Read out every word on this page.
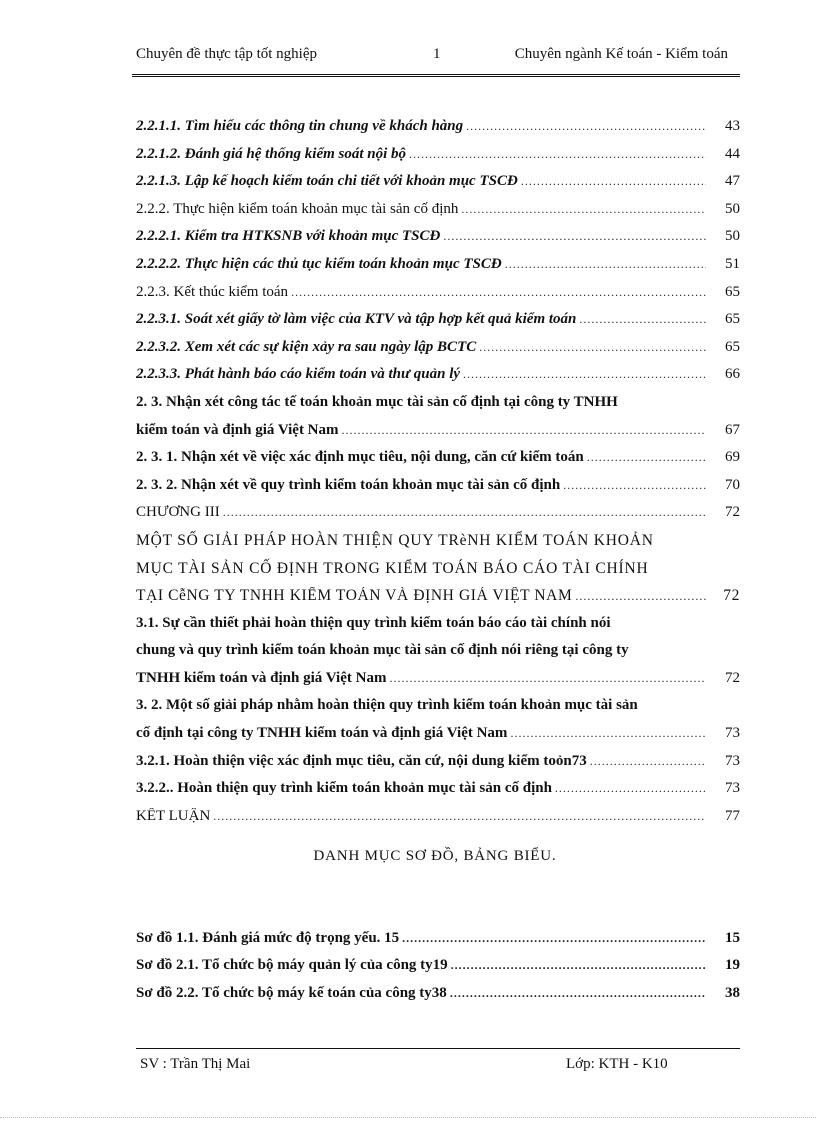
Chuyên đề thực tập tốt nghiệp	1	Chuyên ngành Kế toán - Kiểm toán
2.2.1.1. Tìm hiểu các thông tin chung về khách hàng .....	43
2.2.1.2. Đánh giá hệ thống kiểm soát nội bộ .....	44
2.2.1.3. Lập kế hoạch kiểm toán chi tiết với khoản mục TSCĐ .....	47
2.2.2. Thực hiện kiểm toán khoản mục tài sản cố định .....	50
2.2.2.1. Kiểm tra HTKSNB với khoản mục TSCĐ .....	50
2.2.2.2. Thực hiện các thủ tục kiểm toán khoản mục TSCĐ .....	51
2.2.3. Kết thúc kiểm toán .....	65
2.2.3.1. Soát xét giấy tờ làm việc của KTV và tập hợp kết quả kiểm toán .....	65
2.2.3.2. Xem xét các sự kiện xảy ra sau ngày lập BCTC .....	65
2.2.3.3. Phát hành báo cáo kiểm toán và thư quản lý .....	66
2. 3. Nhận xét công tác tế toán khoản mục tài sản cố định tại công ty TNHH
kiểm toán và định giá Việt Nam .....	67
2. 3. 1. Nhận xét về việc xác định mục tiêu, nội dung, căn cứ kiểm toán .....	69
2. 3. 2. Nhận xét về quy trình kiểm toán khoản mục tài sản cố định .....	70
CHƯƠNG III .....	72
MỘT SỐ GIẢI PHÁP HOÀN THIỆN QUY TRèNH KIỂM TOÁN KHOẢN
MỤC TÀI SẢN CỐ ĐỊNH TRONG KIỂM TOÁN BÁO CÁO TÀI CHÍNH
TẠI CễNG TY TNHH KIỂM TOÁN VÀ ĐỊNH GIÁ VIỆT NAM .....	72
3.1. Sự cần thiết phải hoàn thiện quy trình kiểm toán báo cáo tài chính nói
chung và quy trình kiểm toán khoản mục tài sản cố định nói riêng tại công ty
TNHH kiểm toán và định giá Việt Nam .....	72
3. 2. Một số giải pháp nhằm hoàn thiện quy trình kiểm toán khoản mục tài sản
cố định tại công ty TNHH kiểm toán và định giá Việt Nam .....	73
3.2.1. Hoàn thiện việc xác định mục tiêu, căn cứ, nội dung kiểm toỏn73 .....	73
3.2.2.. Hoàn thiện quy trình kiểm toán khoản mục tài sản cố định .....	73
KẾT LUẬN .....	77
DANH MỤC SƠ ĐỒ, BẢNG BIỂU.
Sơ đồ 1.1. Đánh giá mức độ trọng yếu. 15 .....	15
Sơ đồ 2.1. Tổ chức bộ máy quản lý của công ty19 .....	19
Sơ đồ 2.2. Tổ chức bộ máy kế toán của công ty38 .....	38
SV : Trần Thị Mai	Lớp: KTH - K10
